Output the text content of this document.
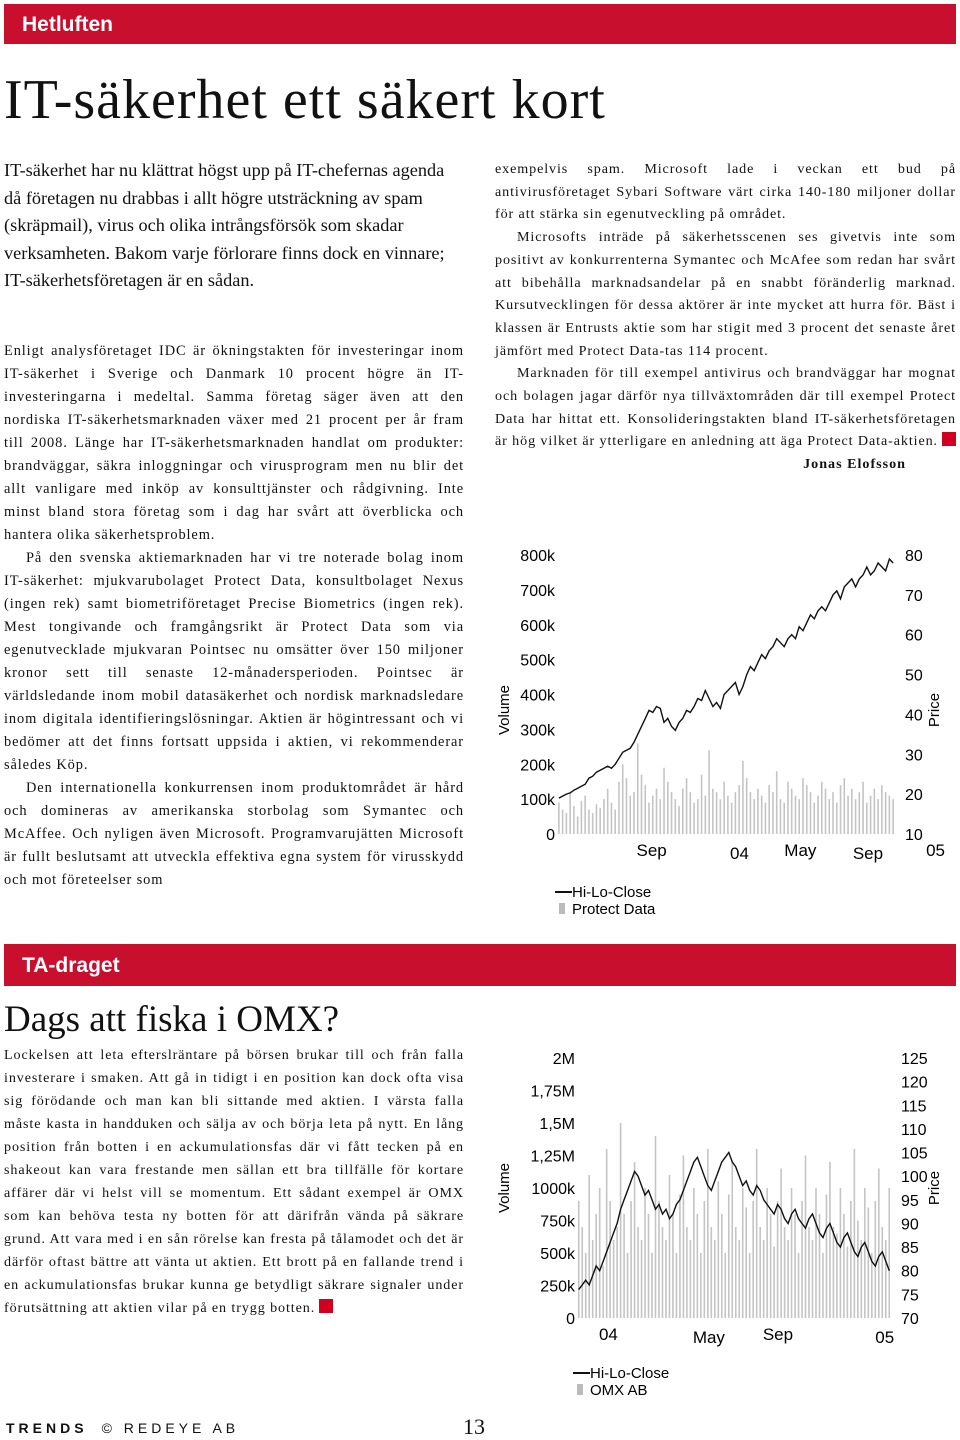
Hetluften
IT-säkerhet ett säkert kort
IT-säkerhet har nu klättrat högst upp på IT-chefernas agenda då företagen nu drabbas i allt högre utsträckning av spam (skräpmail), virus och olika intrångsförsök som skadar verksamheten. Bakom varje förlorare finns dock en vinnare; IT-säkerhetsföretagen är en sådan.

Enligt analysföretaget IDC är ökningstakten för investeringar inom IT-säkerhet i Sverige och Danmark 10 procent högre än IT-investeringarna i medeltal. Samma företag säger även att den nordiska IT-säkerhetsmarknaden växer med 21 procent per år fram till 2008. Länge har IT-säkerhetsmarknaden handlat om produkter: brandväggar, säkra inloggningar och virusprogram men nu blir det allt vanligare med inköp av konsulttjänster och rådgivning. Inte minst bland stora företag som i dag har svårt att överblicka och hantera olika säkerhetsproblem.

På den svenska aktiemarknaden har vi tre noterade bolag inom IT-säkerhet: mjukvarubolaget Protect Data, konsultbolaget Nexus (ingen rek) samt biometriföretaget Precise Biometrics (ingen rek). Mest tongivande och framgångsrikt är Protect Data som via egenutvecklade mjukvaran Pointsec nu omsätter över 150 miljoner kronor sett till senaste 12-månadersperioden. Pointsec är världsledande inom mobil datasäkerhet och nordisk marknadsledare inom digitala identifieringslösningar. Aktien är högintressant och vi bedömer att det finns fortsatt uppsida i aktien, vi rekommenderar således Köp.

Den internationella konkurrensen inom produktområdet är hård och domineras av amerikanska storbolag som Symantec och McAffee. Och nyligen även Microsoft. Programvarujätten Microsoft är fullt beslutsamt att utveckla effektiva egna system för virusskydd och mot företeelser som

exempelvis spam. Microsoft lade i veckan ett bud på antivirusföretaget Sybari Software värt cirka 140-180 miljoner dollar för att stärka sin egenutveckling på området.

Microsofts inträde på säkerhetsscenen ses givetvis inte som positivt av konkurrenterna Symantec och McAfee som redan har svårt att bibehålla marknadsandelar på en snabbt föränderlig marknad. Kursutvecklingen för dessa aktörer är inte mycket att hurra för. Bäst i klassen är Entrusts aktie som har stigit med 3 procent det senaste året jämfört med Protect Data-tas 114 procent.

Marknaden för till exempel antivirus och brandväggar har mognat och bolagen jagar därför nya tillväxtområden där till exempel Protect Data har hittat ett. Konsolideringstakten bland IT-säkerhetsföretagen är hög vilket är ytterligare en anledning att äga Protect Data-aktien.

Jonas Elofsson

Volume	Price
Hi-Lo-Close
Protect Data
0
100k
200k
300k
400k
500k
600k
700k
800k
10
20
30
40
50
60
70
80
Sep	04 May Sep	05
TA-draget
Dags att fiska i OMX?

Lockelsen att leta efterslräntare på börsen brukar till och från falla investerare i smaken. Att gå in tidigt i en position kan dock ofta visa sig förödande och man kan bli sittande med aktien. I värsta falla måste kasta in handduken och sälja av och börja leta på nytt. En lång position från botten i en ackumulationsfas där vi fått tecken på en shakeout kan vara frestande men sällan ett bra tillfälle för kortare affärer där vi helst vill se momentum. Ett sådant exempel är OMX som kan behöva testa ny botten för att därifrån vända på säkrare grund. Att vara med i en sån rörelse kan fresta på tålamodet och det är därför oftast bättre att vänta ut aktien. Ett brott på en fallande trend i en ackumulationsfas brukar kunna ge betydligt säkrare signaler under förutsättning att aktien vilar på en trygg botten.

Volume	Price
Hi-Lo-Close
OMX AB
0
250k
500k
750k
1000k
1,25M
1,5M
1,75M
2M
70
75
80
85
90
95
100
105
110
115
120
125
04	May Sep	05
TRENDS © REDEYE AB	13
